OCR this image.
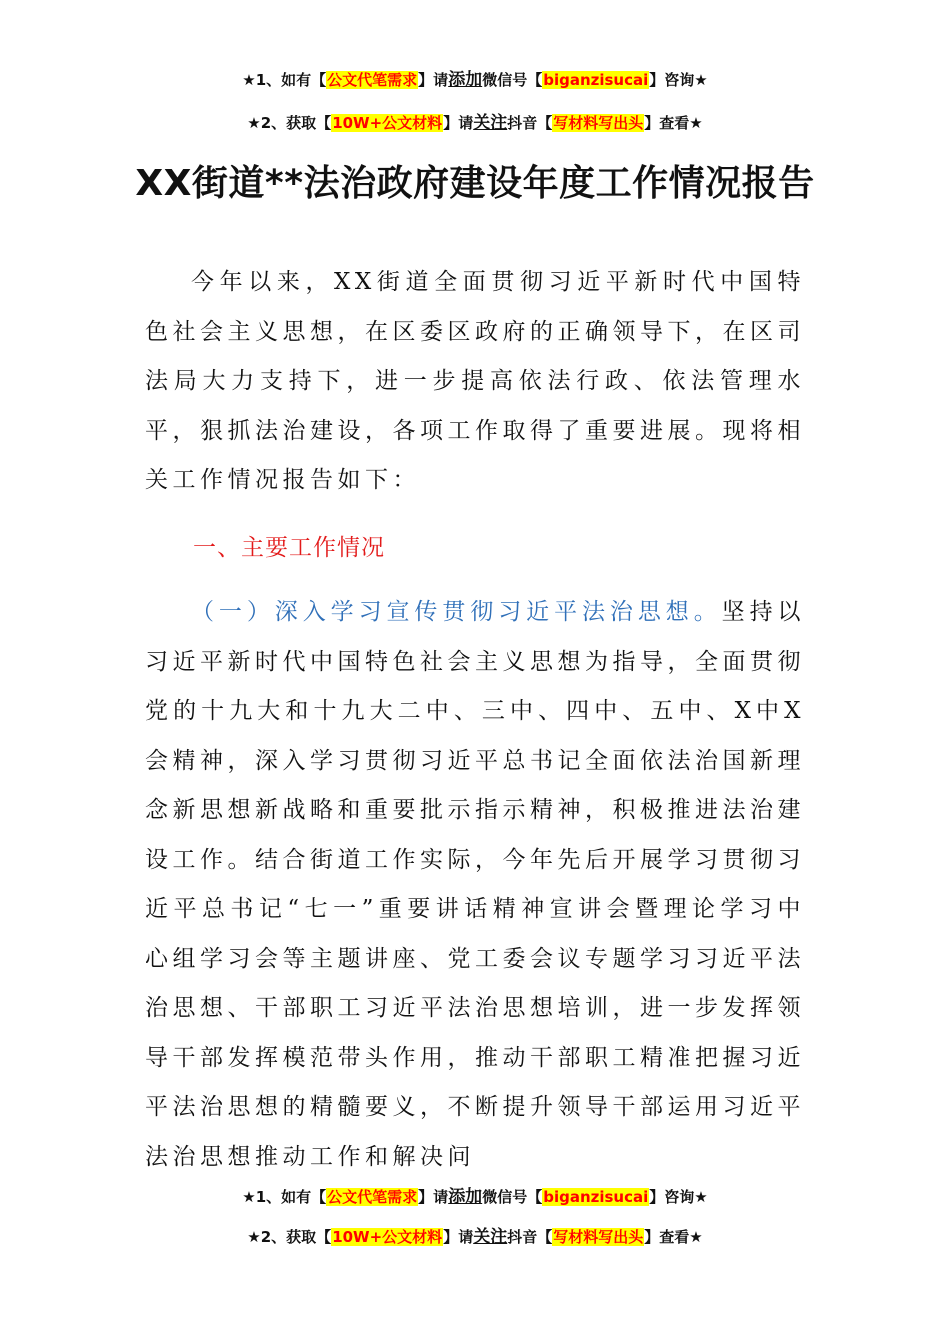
★1、如有【公文代笔需求】请添加微信号【biganzisucai】咨询★
★2、获取【10W+公文材料】请关注抖音【写材料写出头】查看★
XX街道**法治政府建设年度工作情况报告

今年以来，XX街道全面贯彻习近平新时代中国特色社会主义思想，在区委区政府的正确领导下，在区司法局大力支持下，进一步提高依法行政、依法管理水平，狠抓法治建设，各项工作取得了重要进展。现将相关工作情况报告如下：

一、主要工作情况

（一）深入学习宣传贯彻习近平法治思想。坚持以习近平新时代中国特色社会主义思想为指导，全面贯彻党的十九大和十九大二中、三中、四中、五中、X中X会精神，深入学习贯彻习近平总书记全面依法治国新理念新思想新战略和重要批示指示精神，积极推进法治建设工作。结合街道工作实际，今年先后开展学习贯彻习近平总书记“七一”重要讲话精神宣讲会暨理论学习中心组学习会等主题讲座、党工委会议专题学习习近平法治思想、干部职工习近平法治思想培训，进一步发挥领导干部发挥模范带头作用，推动干部职工精准把握习近平法治思想的精髓要义，不断提升领导干部运用习近平法治思想推动工作和解决问

★1、如有【公文代笔需求】请添加微信号【biganzisucai】咨询★
★2、获取【10W+公文材料】请关注抖音【写材料写出头】查看★
